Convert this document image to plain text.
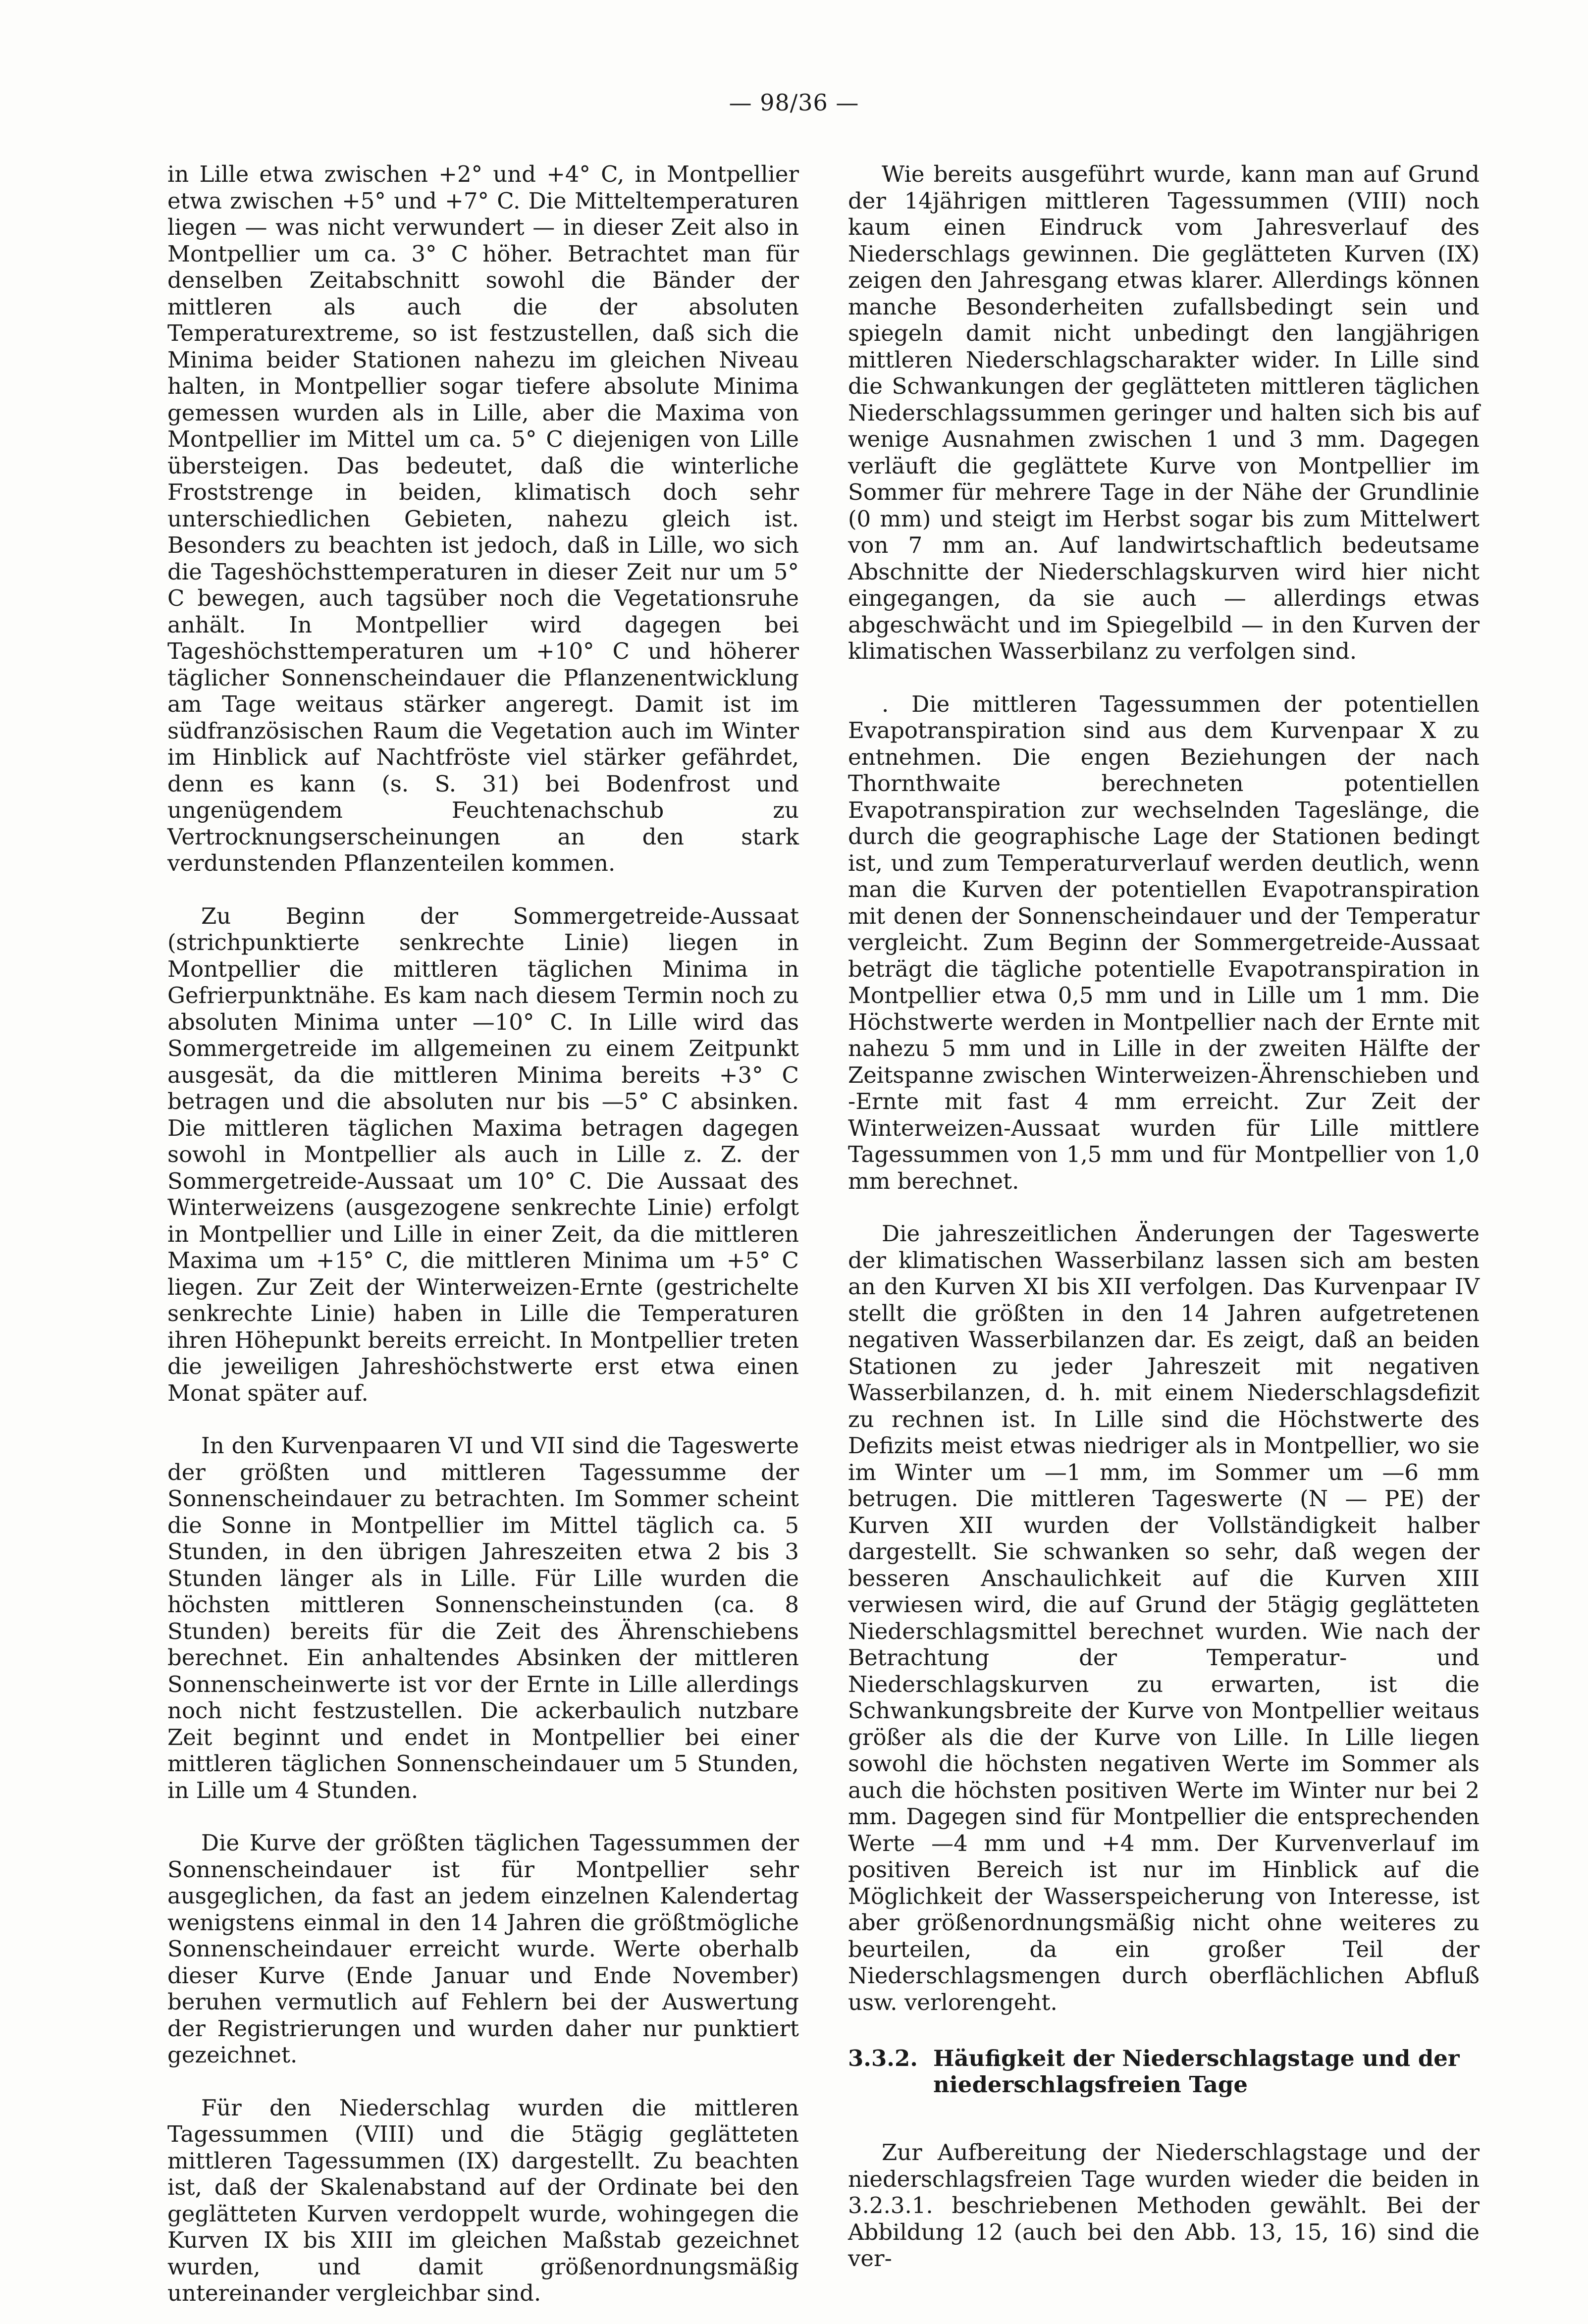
— 98/36 —

in Lille etwa zwischen +2° und +4° C, in Montpellier etwa zwischen +5° und +7° C. Die Mitteltemperaturen liegen — was nicht verwundert — in dieser Zeit also in Montpellier um ca. 3° C höher. Betrachtet man für denselben Zeitabschnitt sowohl die Bänder der mittleren als auch die der absoluten Temperaturextreme, so ist festzustellen, daß sich die Minima beider Stationen nahezu im gleichen Niveau halten, in Montpellier sogar tiefere absolute Minima gemessen wurden als in Lille, aber die Maxima von Montpellier im Mittel um ca. 5° C diejenigen von Lille übersteigen. Das bedeutet, daß die winterliche Froststrenge in beiden, klimatisch doch sehr unterschiedlichen Gebieten, nahezu gleich ist. Besonders zu beachten ist jedoch, daß in Lille, wo sich die Tageshöchsttemperaturen in dieser Zeit nur um 5° C bewegen, auch tagsüber noch die Vegetationsruhe anhält. In Montpellier wird dagegen bei Tageshöchsttemperaturen um +10° C und höherer täglicher Sonnenscheindauer die Pflanzenentwicklung am Tage weitaus stärker angeregt. Damit ist im südfranzösischen Raum die Vegetation auch im Winter im Hinblick auf Nachtfröste viel stärker gefährdet, denn es kann (s. S. 31) bei Bodenfrost und ungenügendem Feuchtenachschub zu Vertrocknungserscheinungen an den stark verdunstenden Pflanzenteilen kommen.

Zu Beginn der Sommergetreide-Aussaat (strichpunktierte senkrechte Linie) liegen in Montpellier die mittleren täglichen Minima in Gefrierpunktnähe. Es kam nach diesem Termin noch zu absoluten Minima unter —10° C. In Lille wird das Sommergetreide im allgemeinen zu einem Zeitpunkt ausgesät, da die mittleren Minima bereits +3° C betragen und die absoluten nur bis —5° C absinken. Die mittleren täglichen Maxima betragen dagegen sowohl in Montpellier als auch in Lille z. Z. der Sommergetreide-Aussaat um 10° C. Die Aussaat des Winterweizens (ausgezogene senkrechte Linie) erfolgt in Montpellier und Lille in einer Zeit, da die mittleren Maxima um +15° C, die mittleren Minima um +5° C liegen. Zur Zeit der Winterweizen-Ernte (gestrichelte senkrechte Linie) haben in Lille die Temperaturen ihren Höhepunkt bereits erreicht. In Montpellier treten die jeweiligen Jahreshöchstwerte erst etwa einen Monat später auf.

In den Kurvenpaaren VI und VII sind die Tageswerte der größten und mittleren Tagessumme der Sonnenscheindauer zu betrachten. Im Sommer scheint die Sonne in Montpellier im Mittel täglich ca. 5 Stunden, in den übrigen Jahreszeiten etwa 2 bis 3 Stunden länger als in Lille. Für Lille wurden die höchsten mittleren Sonnenscheinstunden (ca. 8 Stunden) bereits für die Zeit des Ährenschiebens berechnet. Ein anhaltendes Absinken der mittleren Sonnenscheinwerte ist vor der Ernte in Lille allerdings noch nicht festzustellen. Die ackerbaulich nutzbare Zeit beginnt und endet in Montpellier bei einer mittleren täglichen Sonnenscheindauer um 5 Stunden, in Lille um 4 Stunden.

Die Kurve der größten täglichen Tagessummen der Sonnenscheindauer ist für Montpellier sehr ausgeglichen, da fast an jedem einzelnen Kalendertag wenigstens einmal in den 14 Jahren die größtmögliche Sonnenscheindauer erreicht wurde. Werte oberhalb dieser Kurve (Ende Januar und Ende November) beruhen vermutlich auf Fehlern bei der Auswertung der Registrierungen und wurden daher nur punktiert gezeichnet.

Für den Niederschlag wurden die mittleren Tagessummen (VIII) und die 5tägig geglätteten mittleren Tagessummen (IX) dargestellt. Zu beachten ist, daß der Skalenabstand auf der Ordinate bei den geglätteten Kurven verdoppelt wurde, wohingegen die Kurven IX bis XIII im gleichen Maßstab gezeichnet wurden, und damit größenordnungsmäßig untereinander vergleichbar sind.

Wie bereits ausgeführt wurde, kann man auf Grund der 14jährigen mittleren Tagessummen (VIII) noch kaum einen Eindruck vom Jahresverlauf des Niederschlags gewinnen. Die geglätteten Kurven (IX) zeigen den Jahresgang etwas klarer. Allerdings können manche Besonderheiten zufallsbedingt sein und spiegeln damit nicht unbedingt den langjährigen mittleren Niederschlagscharakter wider. In Lille sind die Schwankungen der geglätteten mittleren täglichen Niederschlagssummen geringer und halten sich bis auf wenige Ausnahmen zwischen 1 und 3 mm. Dagegen verläuft die geglättete Kurve von Montpellier im Sommer für mehrere Tage in der Nähe der Grundlinie (0 mm) und steigt im Herbst sogar bis zum Mittelwert von 7 mm an. Auf landwirtschaftlich bedeutsame Abschnitte der Niederschlagskurven wird hier nicht eingegangen, da sie auch — allerdings etwas abgeschwächt und im Spiegelbild — in den Kurven der klimatischen Wasserbilanz zu verfolgen sind.

. Die mittleren Tagessummen der potentiellen Evapotranspiration sind aus dem Kurvenpaar X zu entnehmen. Die engen Beziehungen der nach Thornthwaite berechneten potentiellen Evapotranspiration zur wechselnden Tageslänge, die durch die geographische Lage der Stationen bedingt ist, und zum Temperaturverlauf werden deutlich, wenn man die Kurven der potentiellen Evapotranspiration mit denen der Sonnenscheindauer und der Temperatur vergleicht. Zum Beginn der Sommergetreide-Aussaat beträgt die tägliche potentielle Evapotranspiration in Montpellier etwa 0,5 mm und in Lille um 1 mm. Die Höchstwerte werden in Montpellier nach der Ernte mit nahezu 5 mm und in Lille in der zweiten Hälfte der Zeitspanne zwischen Winterweizen-Ährenschieben und -Ernte mit fast 4 mm erreicht. Zur Zeit der Winterweizen-Aussaat wurden für Lille mittlere Tagessummen von 1,5 mm und für Montpellier von 1,0 mm berechnet.

Die jahreszeitlichen Änderungen der Tageswerte der klimatischen Wasserbilanz lassen sich am besten an den Kurven XI bis XII verfolgen. Das Kurvenpaar IV stellt die größten in den 14 Jahren aufgetretenen negativen Wasserbilanzen dar. Es zeigt, daß an beiden Stationen zu jeder Jahreszeit mit negativen Wasserbilanzen, d. h. mit einem Niederschlagsdefizit zu rechnen ist. In Lille sind die Höchstwerte des Defizits meist etwas niedriger als in Montpellier, wo sie im Winter um —1 mm, im Sommer um —6 mm betrugen. Die mittleren Tageswerte (N — PE) der Kurven XII wurden der Vollständigkeit halber dargestellt. Sie schwanken so sehr, daß wegen der besseren Anschaulichkeit auf die Kurven XIII verwiesen wird, die auf Grund der 5tägig geglätteten Niederschlagsmittel berechnet wurden. Wie nach der Betrachtung der Temperatur- und Niederschlagskurven zu erwarten, ist die Schwankungsbreite der Kurve von Montpellier weitaus größer als die der Kurve von Lille. In Lille liegen sowohl die höchsten negativen Werte im Sommer als auch die höchsten positiven Werte im Winter nur bei 2 mm. Dagegen sind für Montpellier die entsprechenden Werte —4 mm und +4 mm. Der Kurvenverlauf im positiven Bereich ist nur im Hinblick auf die Möglichkeit der Wasserspeicherung von Interesse, ist aber größenordnungsmäßig nicht ohne weiteres zu beurteilen, da ein großer Teil der Niederschlagsmengen durch oberflächlichen Abfluß usw. verlorengeht.

3.3.2. Häufigkeit der Niederschlagstage und der niederschlagsfreien Tage

Zur Aufbereitung der Niederschlagstage und der niederschlagsfreien Tage wurden wieder die beiden in 3.2.3.1. beschriebenen Methoden gewählt. Bei der Abbildung 12 (auch bei den Abb. 13, 15, 16) sind die ver-
